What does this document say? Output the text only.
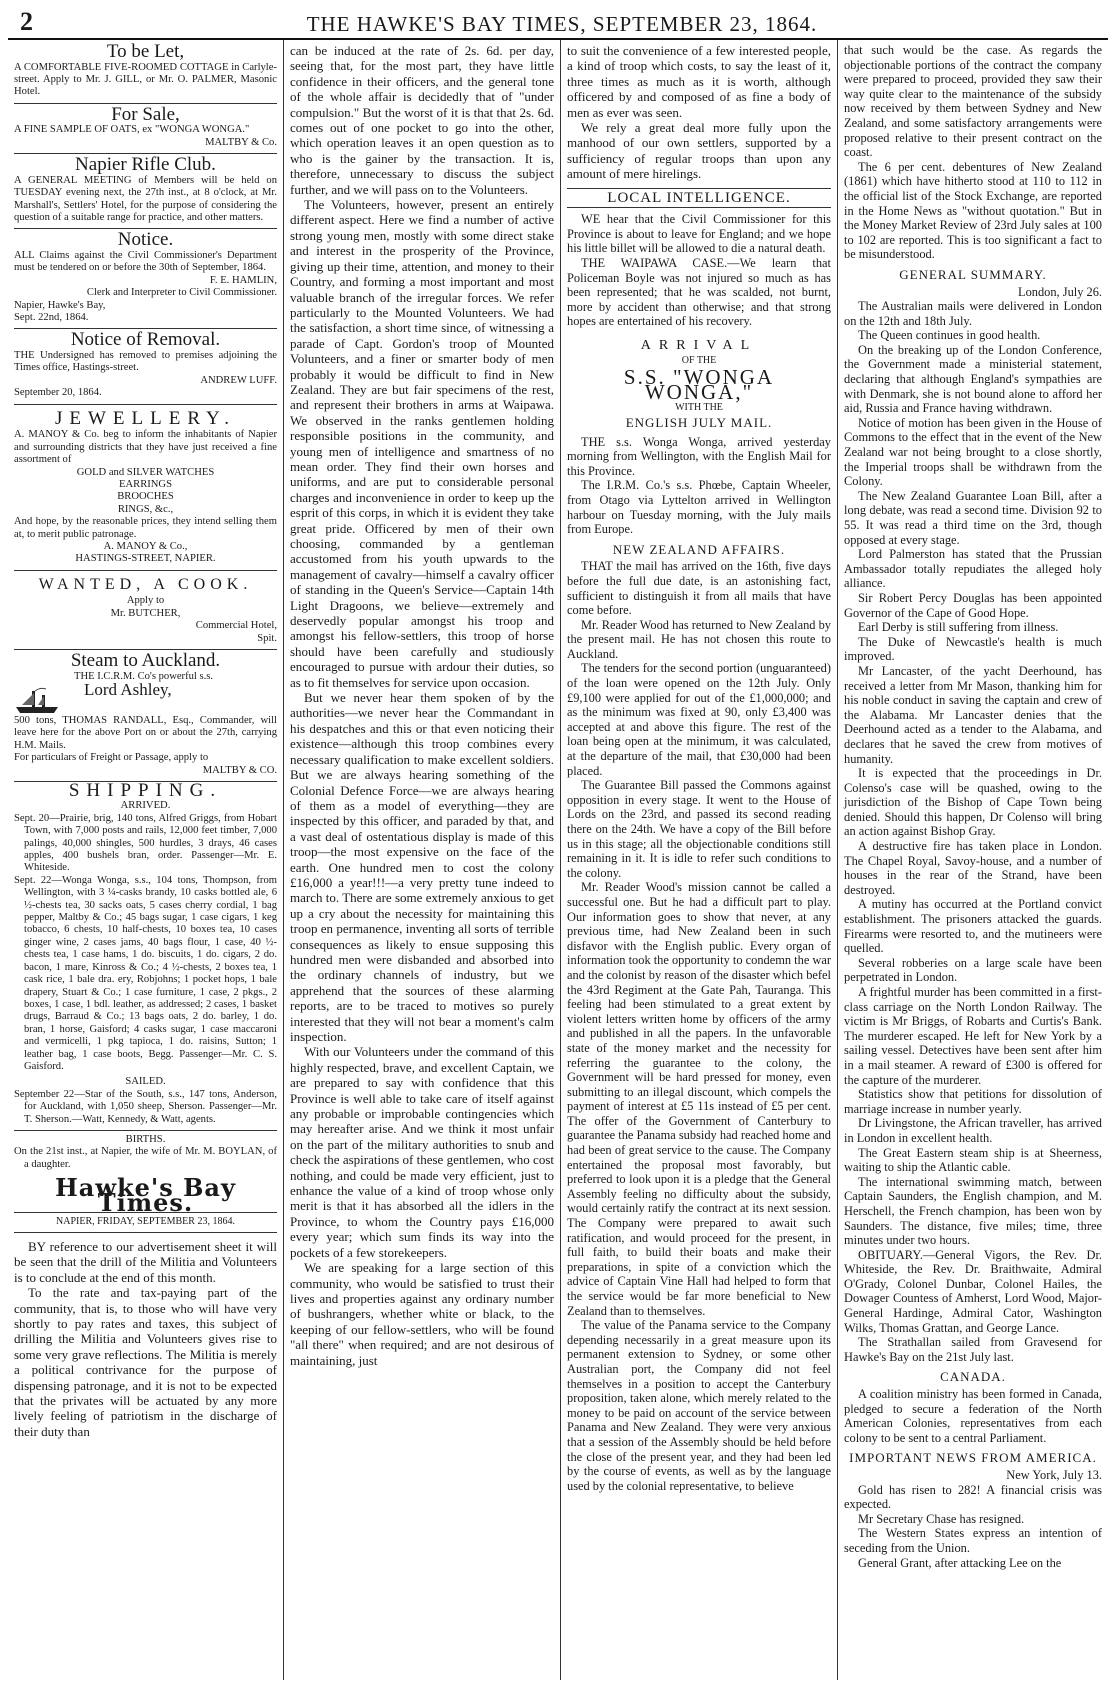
2	THE HAWKE'S BAY TIMES, SEPTEMBER 23, 1864.
To be Let,

A COMFORTABLE FIVE-ROOMED COTTAGE in Carlyle-street. Apply to Mr. J. GILL, or Mr. O. PALMER, Masonic Hotel.

For Sale,

A FINE SAMPLE OF OATS, ex "WONGA WONGA."

MALTBY & Co.
Napier Rifle Club.

A GENERAL MEETING of Members will be held on TUESDAY evening next, the 27th inst., at 8 o'clock, at Mr. Marshall's, Settlers' Hotel, for the purpose of considering the question of a suitable range for practice, and other matters.

Notice.

ALL Claims against the Civil Commissioner's Department must be tendered on or before the 30th of September, 1864.

F. E. HAMLIN,
Clerk and Interpreter to Civil Commissioner.
Napier, Hawke's Bay,
Sept. 22nd, 1864.
Notice of Removal.

THE Undersigned has removed to premises adjoining the Times office, Hastings-street.

ANDREW LUFF.
September 20, 1864.
JEWELLERY.

A. MANOY & Co. beg to inform the inhabitants of Napier and surrounding districts that they have just received a fine assortment of

GOLD and SILVER WATCHES
EARRINGS
BROOCHES
RINGS, &c.,

And hope, by the reasonable prices, they intend selling them at, to merit public patronage.

A. MANOY & Co.,
HASTINGS-STREET, NAPIER.
WANTED, A COOK.
Apply to
Mr. BUTCHER,
Commercial Hotel,
Spit.
Steam to Auckland.
THE I.C.R.M. Co's powerful s.s.
Lord Ashley,

500 tons, THOMAS RANDALL, Esq., Commander, will leave here for the above Port on or about the 27th, carrying H.M. Mails.

For particulars of Freight or Passage, apply to

MALTBY & CO.
SHIPPING.
ARRIVED.

Sept. 20—Prairie, brig, 140 tons, Alfred Griggs, from Hobart Town, with 7,000 posts and rails, 12,000 feet timber, 7,000 palings, 40,000 shingles, 500 hurdles, 3 drays, 46 cases apples, 400 bushels bran, order. Passenger—Mr. E. Whiteside.

Sept. 22—Wonga Wonga, s.s., 104 tons, Thompson, from Wellington, with 3 ¼-casks brandy, 10 casks bottled ale, 6 ½-chests tea, 30 sacks oats, 5 cases cherry cordial, 1 bag pepper, Maltby & Co.; 45 bags sugar, 1 case cigars, 1 keg tobacco, 6 chests, 10 half-chests, 10 boxes tea, 10 cases ginger wine, 2 cases jams, 40 bags flour, 1 case, 40 ½-chests tea, 1 case hams, 1 do. biscuits, 1 do. cigars, 2 do. bacon, 1 mare, Kinross & Co.; 4 ½-chests, 2 boxes tea, 1 cask rice, 1 bale dra. ery, Robjohns; 1 pocket hops, 1 bale drapery, Stuart & Co.; 1 case furniture, 1 case, 2 pkgs., 2 boxes, 1 case, 1 bdl. leather, as addressed; 2 cases, 1 basket drugs, Barraud & Co.; 13 bags oats, 2 do. barley, 1 do. bran, 1 horse, Gaisford; 4 casks sugar, 1 case maccaroni and vermicelli, 1 pkg tapioca, 1 do. raisins, Sutton; 1 leather bag, 1 case boots, Begg. Passenger—Mr. C. S. Gaisford.

SAILED.

September 22—Star of the South, s.s., 147 tons, Anderson, for Auckland, with 1,050 sheep, Sherson. Passenger—Mr. T. Sherson.—Watt, Kennedy, & Watt, agents.

BIRTHS.

On the 21st inst., at Napier, the wife of Mr. M. BOYLAN, of a daughter.

Hawke's Bay Times.
NAPIER, FRIDAY, SEPTEMBER 23, 1864.

BY reference to our advertisement sheet it will be seen that the drill of the Militia and Volunteers is to conclude at the end of this month.

To the rate and tax-paying part of the community, that is, to those who will have very shortly to pay rates and taxes, this subject of drilling the Militia and Volunteers gives rise to some very grave reflections. The Militia is merely a political contrivance for the purpose of dispensing patronage, and it is not to be expected that the privates will be actuated by any more lively feeling of patriotism in the discharge of their duty than

can be induced at the rate of 2s. 6d. per day, seeing that, for the most part, they have little confidence in their officers, and the general tone of the whole affair is decidedly that of "under compulsion." But the worst of it is that that 2s. 6d. comes out of one pocket to go into the other, which operation leaves it an open question as to who is the gainer by the transaction. It is, therefore, unnecessary to discuss the subject further, and we will pass on to the Volunteers.

The Volunteers, however, present an entirely different aspect. Here we find a number of active strong young men, mostly with some direct stake and interest in the prosperity of the Province, giving up their time, attention, and money to their Country, and forming a most important and most valuable branch of the irregular forces. We refer particularly to the Mounted Volunteers. We had the satisfaction, a short time since, of witnessing a parade of Capt. Gordon's troop of Mounted Volunteers, and a finer or smarter body of men probably it would be difficult to find in New Zealand. They are but fair specimens of the rest, and represent their brothers in arms at Waipawa. We observed in the ranks gentlemen holding responsible positions in the community, and young men of intelligence and smartness of no mean order. They find their own horses and uniforms, and are put to considerable personal charges and inconvenience in order to keep up the esprit of this corps, in which it is evident they take great pride. Officered by men of their own choosing, commanded by a gentleman accustomed from his youth upwards to the management of cavalry—himself a cavalry officer of standing in the Queen's Service—Captain 14th Light Dragoons, we believe—extremely and deservedly popular amongst his troop and amongst his fellow-settlers, this troop of horse should have been carefully and studiously encouraged to pursue with ardour their duties, so as to fit themselves for service upon occasion.

But we never hear them spoken of by the authorities—we never hear the Commandant in his despatches and this or that even noticing their existence—although this troop combines every necessary qualification to make excellent soldiers. But we are always hearing something of the Colonial Defence Force—we are always hearing of them as a model of everything—they are inspected by this officer, and paraded by that, and a vast deal of ostentatious display is made of this troop—the most expensive on the face of the earth. One hundred men to cost the colony £16,000 a year!!!—a very pretty tune indeed to march to. There are some extremely anxious to get up a cry about the necessity for maintaining this troop en permanence, inventing all sorts of terrible consequences as likely to ensue supposing this hundred men were disbanded and absorbed into the ordinary channels of industry, but we apprehend that the sources of these alarming reports, are to be traced to motives so purely interested that they will not bear a moment's calm inspection.

With our Volunteers under the command of this highly respected, brave, and excellent Captain, we are prepared to say with confidence that this Province is well able to take care of itself against any probable or improbable contingencies which may hereafter arise. And we think it most unfair on the part of the military authorities to snub and check the aspirations of these gentlemen, who cost nothing, and could be made very efficient, just to enhance the value of a kind of troop whose only merit is that it has absorbed all the idlers in the Province, to whom the Country pays £16,000 every year; which sum finds its way into the pockets of a few storekeepers.

We are speaking for a large section of this community, who would be satisfied to trust their lives and properties against any ordinary number of bushrangers, whether white or black, to the keeping of our fellow-settlers, who will be found "all there" when required; and are not desirous of maintaining, just

to suit the convenience of a few interested people, a kind of troop which costs, to say the least of it, three times as much as it is worth, although officered by and composed of as fine a body of men as ever was seen.

We rely a great deal more fully upon the manhood of our own settlers, supported by a sufficiency of regular troops than upon any amount of mere hirelings.

LOCAL INTELLIGENCE.

WE hear that the Civil Commissioner for this Province is about to leave for England; and we hope his little billet will be allowed to die a natural death.

THE WAIPAWA CASE.—We learn that Policeman Boyle was not injured so much as has been represented; that he was scalded, not burnt, more by accident than otherwise; and that strong hopes are entertained of his recovery.

ARRIVAL
OF THE
S.S. "WONGA WONGA,"
WITH THE
ENGLISH JULY MAIL.

THE s.s. Wonga Wonga, arrived yesterday morning from Wellington, with the English Mail for this Province.

The I.R.M. Co.'s s.s. Phœbe, Captain Wheeler, from Otago via Lyttelton arrived in Wellington harbour on Tuesday morning, with the July mails from Europe.

NEW ZEALAND AFFAIRS.

THAT the mail has arrived on the 16th, five days before the full due date, is an astonishing fact, sufficient to distinguish it from all mails that have come before.

Mr. Reader Wood has returned to New Zealand by the present mail. He has not chosen this route to Auckland.

The tenders for the second portion (unguaranteed) of the loan were opened on the 12th July. Only £9,100 were applied for out of the £1,000,000; and as the minimum was fixed at 90, only £3,400 was accepted at and above this figure. The rest of the loan being open at the minimum, it was calculated, at the departure of the mail, that £30,000 had been placed.

The Guarantee Bill passed the Commons against opposition in every stage. It went to the House of Lords on the 23rd, and passed its second reading there on the 24th. We have a copy of the Bill before us in this stage; all the objectionable conditions still remaining in it. It is idle to refer such conditions to the colony.

Mr. Reader Wood's mission cannot be called a successful one. But he had a difficult part to play. Our information goes to show that never, at any previous time, had New Zealand been in such disfavor with the English public. Every organ of information took the opportunity to condemn the war and the colonist by reason of the disaster which befel the 43rd Regiment at the Gate Pah, Tauranga. This feeling had been stimulated to a great extent by violent letters written home by officers of the army and published in all the papers. In the unfavorable state of the money market and the necessity for referring the guarantee to the colony, the Government will be hard pressed for money, even submitting to an illegal discount, which compels the payment of interest at £5 11s instead of £5 per cent. The offer of the Government of Canterbury to guarantee the Panama subsidy had reached home and had been of great service to the cause. The Company entertained the proposal most favorably, but preferred to look upon it is a pledge that the General Assembly feeling no difficulty about the subsidy, would certainly ratify the contract at its next session. The Company were prepared to await such ratification, and would proceed for the present, in full faith, to build their boats and make their preparations, in spite of a conviction which the advice of Captain Vine Hall had helped to form that the service would be far more beneficial to New Zealand than to themselves.

The value of the Panama service to the Company depending necessarily in a great measure upon its permanent extension to Sydney, or some other Australian port, the Company did not feel themselves in a position to accept the Canterbury proposition, taken alone, which merely related to the money to be paid on account of the service between Panama and New Zealand. They were very anxious that a session of the Assembly should be held before the close of the present year, and they had been led by the course of events, as well as by the language used by the colonial representative, to believe

that such would be the case. As regards the objectionable portions of the contract the company were prepared to proceed, provided they saw their way quite clear to the maintenance of the subsidy now received by them between Sydney and New Zealand, and some satisfactory arrangements were proposed relative to their present contract on the coast.

The 6 per cent. debentures of New Zealand (1861) which have hitherto stood at 110 to 112 in the official list of the Stock Exchange, are reported in the Home News as "without quotation." But in the Money Market Review of 23rd July sales at 100 to 102 are reported. This is too significant a fact to be misunderstood.

GENERAL SUMMARY.
London, July 26.

The Australian mails were delivered in London on the 12th and 18th July.

The Queen continues in good health.

On the breaking up of the London Conference, the Government made a ministerial statement, declaring that although England's sympathies are with Denmark, she is not bound alone to afford her aid, Russia and France having withdrawn.

Notice of motion has been given in the House of Commons to the effect that in the event of the New Zealand war not being brought to a close shortly, the Imperial troops shall be withdrawn from the Colony.

The New Zealand Guarantee Loan Bill, after a long debate, was read a second time. Division 92 to 55. It was read a third time on the 3rd, though opposed at every stage.

Lord Palmerston has stated that the Prussian Ambassador totally repudiates the alleged holy alliance.

Sir Robert Percy Douglas has been appointed Governor of the Cape of Good Hope.

Earl Derby is still suffering from illness.

The Duke of Newcastle's health is much improved.

Mr Lancaster, of the yacht Deerhound, has received a letter from Mr Mason, thanking him for his noble conduct in saving the captain and crew of the Alabama. Mr Lancaster denies that the Deerhound acted as a tender to the Alabama, and declares that he saved the crew from motives of humanity.

It is expected that the proceedings in Dr. Colenso's case will be quashed, owing to the jurisdiction of the Bishop of Cape Town being denied. Should this happen, Dr Colenso will bring an action against Bishop Gray.

A destructive fire has taken place in London. The Chapel Royal, Savoy-house, and a number of houses in the rear of the Strand, have been destroyed.

A mutiny has occurred at the Portland convict establishment. The prisoners attacked the guards. Firearms were resorted to, and the mutineers were quelled.

Several robberies on a large scale have been perpetrated in London.

A frightful murder has been committed in a first-class carriage on the North London Railway. The victim is Mr Briggs, of Robarts and Curtis's Bank. The murderer escaped. He left for New York by a sailing vessel. Detectives have been sent after him in a mail steamer. A reward of £300 is offered for the capture of the murderer.

Statistics show that petitions for dissolution of marriage increase in number yearly.

Dr Livingstone, the African traveller, has arrived in London in excellent health.

The Great Eastern steam ship is at Sheerness, waiting to ship the Atlantic cable.

The international swimming match, between Captain Saunders, the English champion, and M. Herschell, the French champion, has been won by Saunders. The distance, five miles; time, three minutes under two hours.

OBITUARY.—General Vigors, the Rev. Dr. Whiteside, the Rev. Dr. Braithwaite, Admiral O'Grady, Colonel Dunbar, Colonel Hailes, the Dowager Countess of Amherst, Lord Wood, Major-General Hardinge, Admiral Cator, Washington Wilks, Thomas Grattan, and George Lance.

The Strathallan sailed from Gravesend for Hawke's Bay on the 21st July last.

CANADA.

A coalition ministry has been formed in Canada, pledged to secure a federation of the North American Colonies, representatives from each colony to be sent to a central Parliament.

IMPORTANT NEWS FROM AMERICA.
New York, July 13.

Gold has risen to 282! A financial crisis was expected.

Mr Secretary Chase has resigned.

The Western States express an intention of seceding from the Union.

General Grant, after attacking Lee on the
